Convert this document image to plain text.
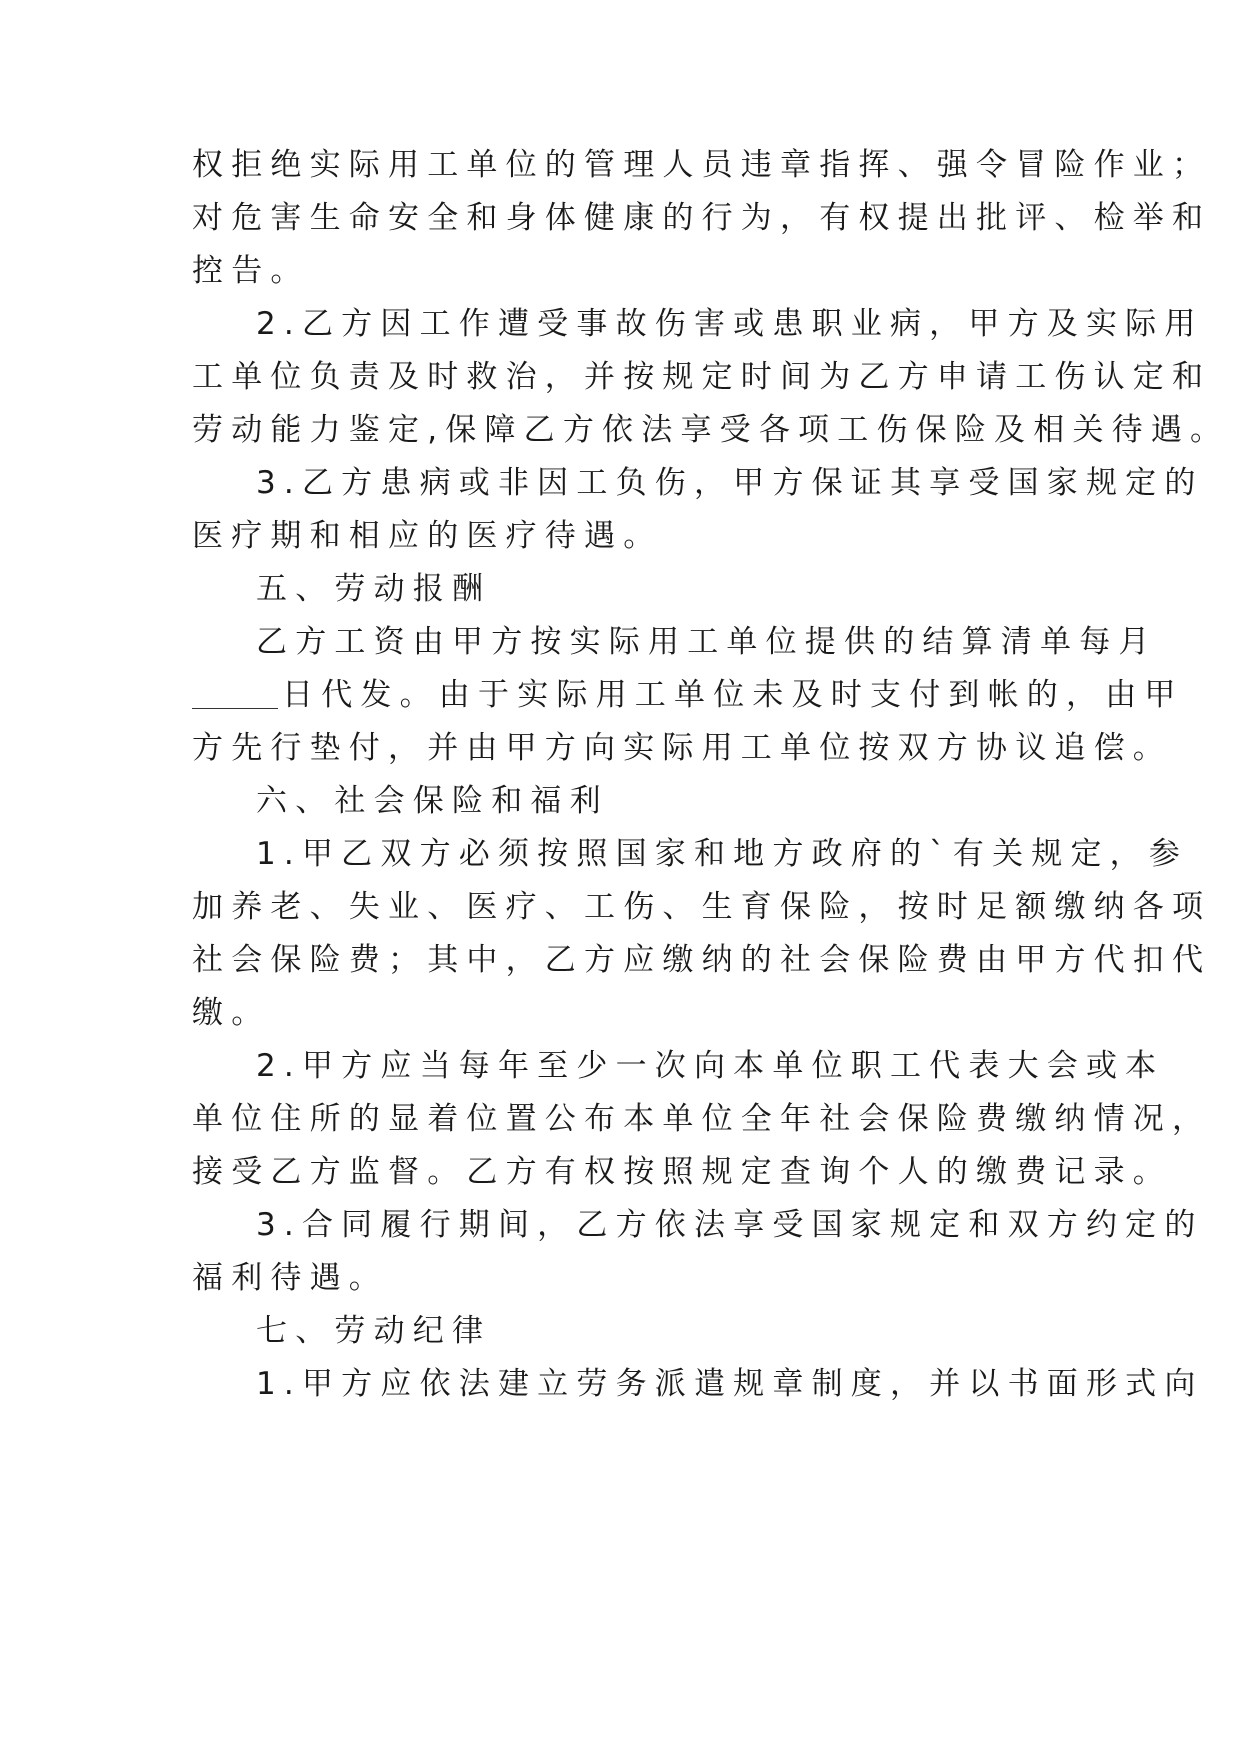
权拒绝实际用工单位的管理人员违章指挥、强令冒险作业；
对危害生命安全和身体健康的行为，有权提出批评、检举和
控告。
2.乙方因工作遭受事故伤害或患职业病，甲方及实际用
工单位负责及时救治，并按规定时间为乙方申请工伤认定和
劳动能力鉴定,保障乙方依法享受各项工伤保险及相关待遇。
3.乙方患病或非因工负伤，甲方保证其享受国家规定的
医疗期和相应的医疗待遇。
五、劳动报酬
乙方工资由甲方按实际用工单位提供的结算清单每月
日代发。由于实际用工单位未及时支付到帐的，由甲
方先行垫付，并由甲方向实际用工单位按双方协议追偿。
六、社会保险和福利
1.甲乙双方必须按照国家和地方政府的`有关规定，参
加养老、失业、医疗、工伤、生育保险，按时足额缴纳各项
社会保险费；其中，乙方应缴纳的社会保险费由甲方代扣代
缴。
2.甲方应当每年至少一次向本单位职工代表大会或本
单位住所的显着位置公布本单位全年社会保险费缴纳情况，
接受乙方监督。乙方有权按照规定查询个人的缴费记录。
3.合同履行期间，乙方依法享受国家规定和双方约定的
福利待遇。
七、劳动纪律
1.甲方应依法建立劳务派遣规章制度，并以书面形式向
